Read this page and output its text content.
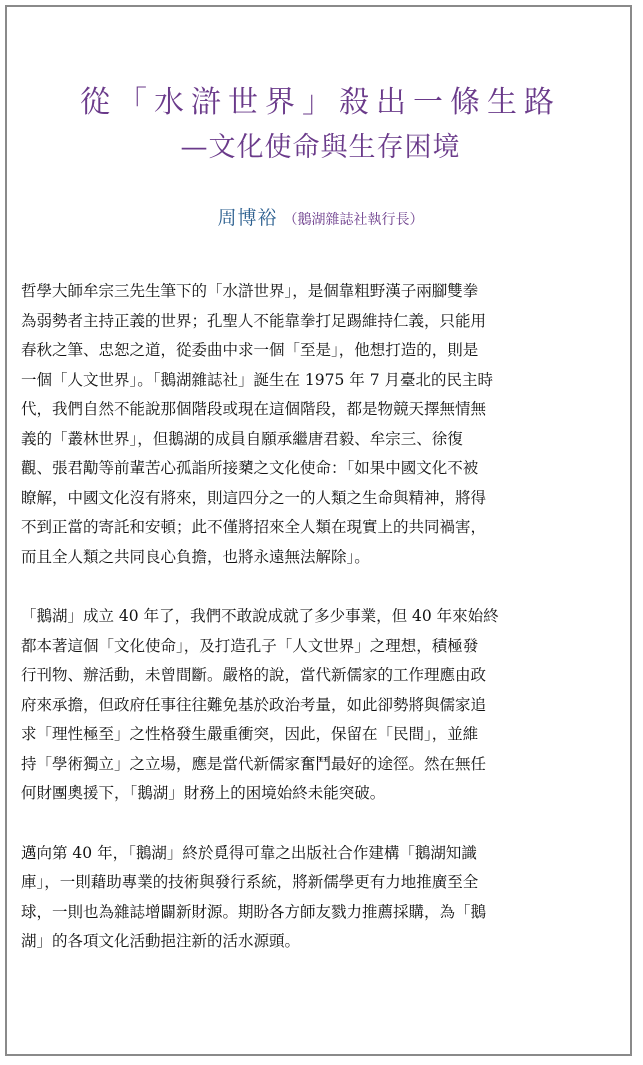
從「水滸世界」殺出一條生路
—文化使命與生存困境
周博裕 （鵝湖雜誌社執行長）

哲學大師牟宗三先生筆下的「水滸世界」，是個靠粗野漢子兩腳雙拳
為弱勢者主持正義的世界；孔聖人不能靠拳打足踢維持仁義，只能用
春秋之筆、忠恕之道，從委曲中求一個「至是」，他想打造的，則是
一個「人文世界」。「鵝湖雜誌社」誕生在 1975 年 7 月臺北的民主時
代，我們自然不能說那個階段或現在這個階段，都是物競天擇無情無
義的「叢林世界」，但鵝湖的成員自願承繼唐君毅、牟宗三、徐復
觀、張君勱等前輩苦心孤詣所接櫫之文化使命：「如果中國文化不被
瞭解，中國文化沒有將來，則這四分之一的人類之生命與精神，將得
不到正當的寄託和安頓；此不僅將招來全人類在現實上的共同禍害，
而且全人類之共同良心負擔，也將永遠無法解除」。

「鵝湖」成立 40 年了，我們不敢說成就了多少事業，但 40 年來始終
都本著這個「文化使命」，及打造孔子「人文世界」之理想，積極發
行刊物、辦活動，未曾間斷。嚴格的說，當代新儒家的工作理應由政
府來承擔，但政府任事往往難免基於政治考量，如此卻勢將與儒家追
求「理性極至」之性格發生嚴重衝突，因此，保留在「民間」，並維
持「學術獨立」之立場，應是當代新儒家奮鬥最好的途徑。然在無任
何財團奧援下，「鵝湖」財務上的困境始終未能突破。

邁向第 40 年，「鵝湖」終於覓得可靠之出版社合作建構「鵝湖知識
庫」，一則藉助專業的技術與發行系統，將新儒學更有力地推廣至全
球，一則也為雜誌增闢新財源。期盼各方師友戮力推薦採購，為「鵝
湖」的各項文化活動挹注新的活水源頭。
